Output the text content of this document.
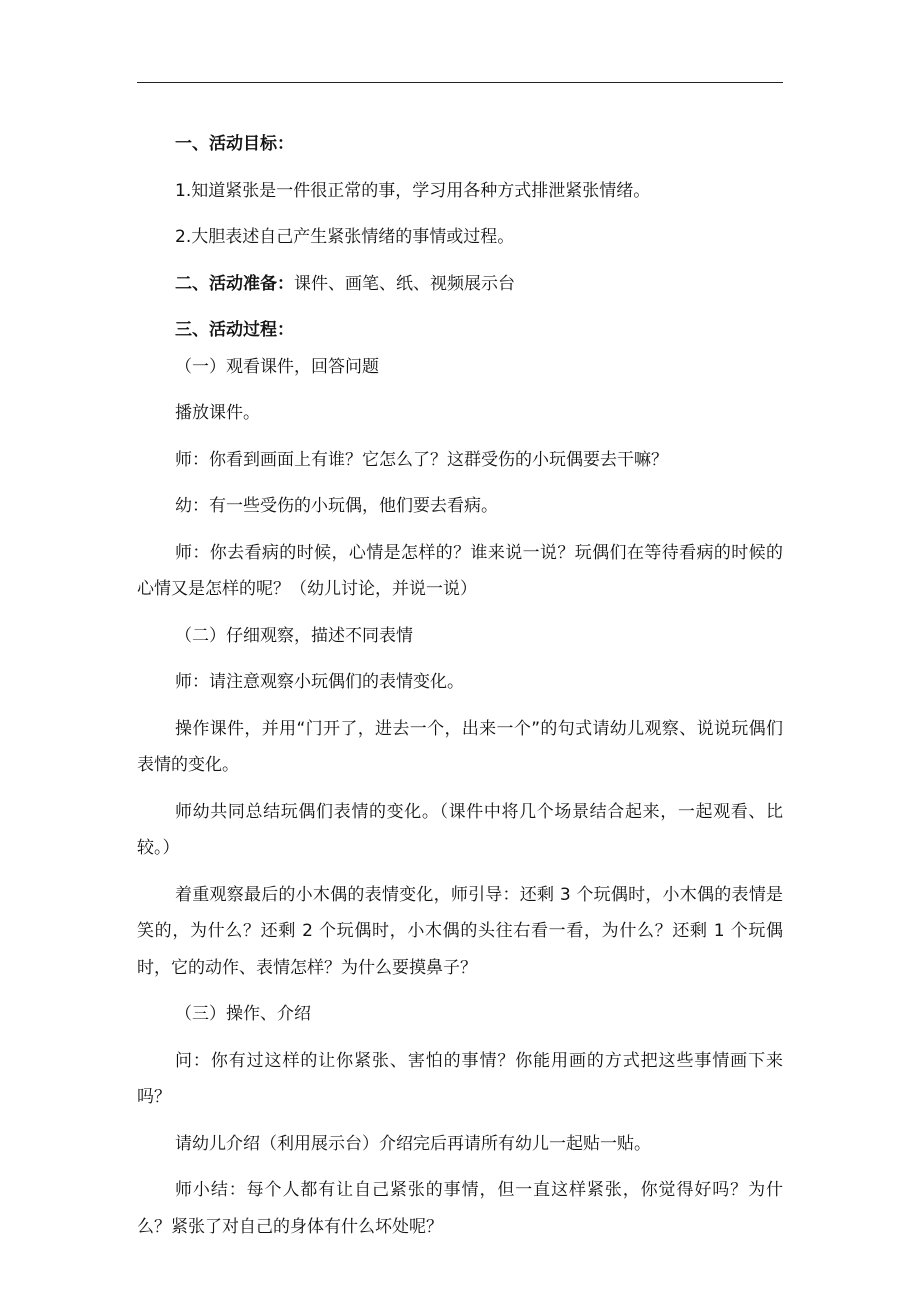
一、活动目标：

1.知道紧张是一件很正常的事，学习用各种方式排泄紧张情绪。

2.大胆表述自己产生紧张情绪的事情或过程。

二、活动准备：课件、画笔、纸、视频展示台

三、活动过程：

（一）观看课件，回答问题

播放课件。

师：你看到画面上有谁？它怎么了？这群受伤的小玩偶要去干嘛？

幼：有一些受伤的小玩偶，他们要去看病。

师：你去看病的时候，心情是怎样的？谁来说一说？玩偶们在等待看病的时候的心情又是怎样的呢？（幼儿讨论，并说一说）

（二）仔细观察，描述不同表情

师：请注意观察小玩偶们的表情变化。

操作课件，并用“门开了，进去一个，出来一个”的句式请幼儿观察、说说玩偶们表情的变化。

师幼共同总结玩偶们表情的变化。（课件中将几个场景结合起来，一起观看、比较。）

着重观察最后的小木偶的表情变化，师引导：还剩 3 个玩偶时，小木偶的表情是笑的，为什么？还剩 2 个玩偶时，小木偶的头往右看一看，为什么？还剩 1 个玩偶时，它的动作、表情怎样？为什么要摸鼻子？

（三）操作、介绍

问：你有过这样的让你紧张、害怕的事情？你能用画的方式把这些事情画下来吗？

请幼儿介绍（利用展示台）介绍完后再请所有幼儿一起贴一贴。

师小结：每个人都有让自己紧张的事情，但一直这样紧张，你觉得好吗？为什么？紧张了对自己的身体有什么坏处呢？
